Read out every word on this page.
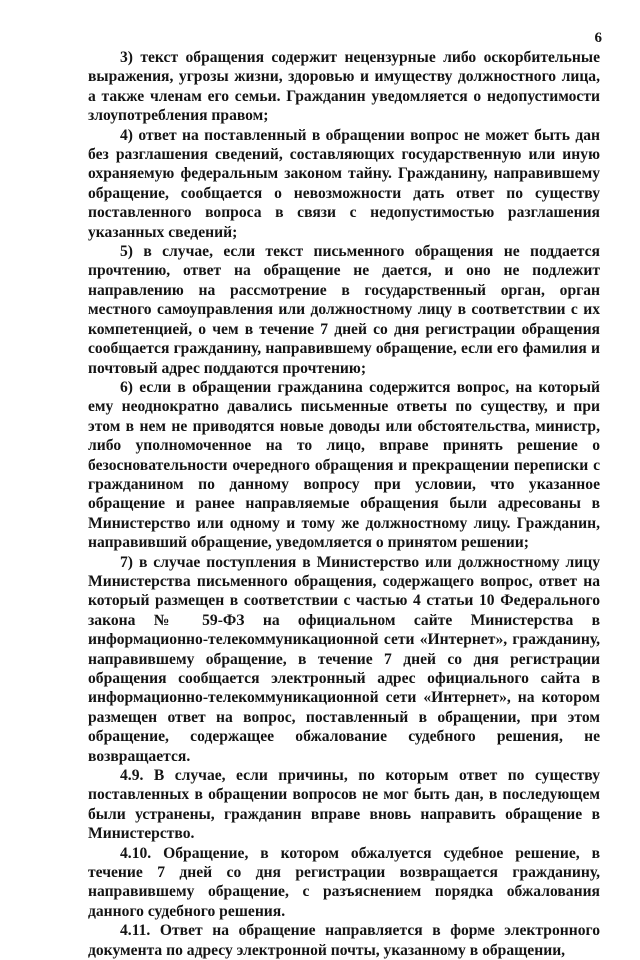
6

3) текст обращения содержит нецензурные либо оскорбительные выражения, угрозы жизни, здоровью и имуществу должностного лица, а также членам его семьи. Гражданин уведомляется о недопустимости злоупотребления правом;

4) ответ на поставленный в обращении вопрос не может быть дан без разглашения сведений, составляющих государственную или иную охраняемую федеральным законом тайну. Гражданину, направившему обращение, сообщается о невозможности дать ответ по существу поставленного вопроса в связи с недопустимостью разглашения указанных сведений;

5) в случае, если текст письменного обращения не поддается прочтению, ответ на обращение не дается, и оно не подлежит направлению на рассмотрение в государственный орган, орган местного самоуправления или должностному лицу в соответствии с их компетенцией, о чем в течение 7 дней со дня регистрации обращения сообщается гражданину, направившему обращение, если его фамилия и почтовый адрес поддаются прочтению;

6) если в обращении гражданина содержится вопрос, на который ему неоднократно давались письменные ответы по существу, и при этом в нем не приводятся новые доводы или обстоятельства, министр, либо уполномоченное на то лицо, вправе принять решение о безосновательности очередного обращения и прекращении переписки с гражданином по данному вопросу при условии, что указанное обращение и ранее направляемые обращения были адресованы в Министерство или одному и тому же должностному лицу. Гражданин, направивший обращение, уведомляется о принятом решении;

7) в случае поступления в Министерство или должностному лицу Министерства письменного обращения, содержащего вопрос, ответ на который размещен в соответствии с частью 4 статьи 10 Федерального закона № 59-ФЗ на официальном сайте Министерства в информационно-телекоммуникационной сети «Интернет», гражданину, направившему обращение, в течение 7 дней со дня регистрации обращения сообщается электронный адрес официального сайта в информационно-телекоммуникационной сети «Интернет», на котором размещен ответ на вопрос, поставленный в обращении, при этом обращение, содержащее обжалование судебного решения, не возвращается.

4.9. В случае, если причины, по которым ответ по существу поставленных в обращении вопросов не мог быть дан, в последующем были устранены, гражданин вправе вновь направить обращение в Министерство.

4.10. Обращение, в котором обжалуется судебное решение, в течение 7 дней со дня регистрации возвращается гражданину, направившему обращение, с разъяснением порядка обжалования данного судебного решения.

4.11. Ответ на обращение направляется в форме электронного документа по адресу электронной почты, указанному в обращении,
